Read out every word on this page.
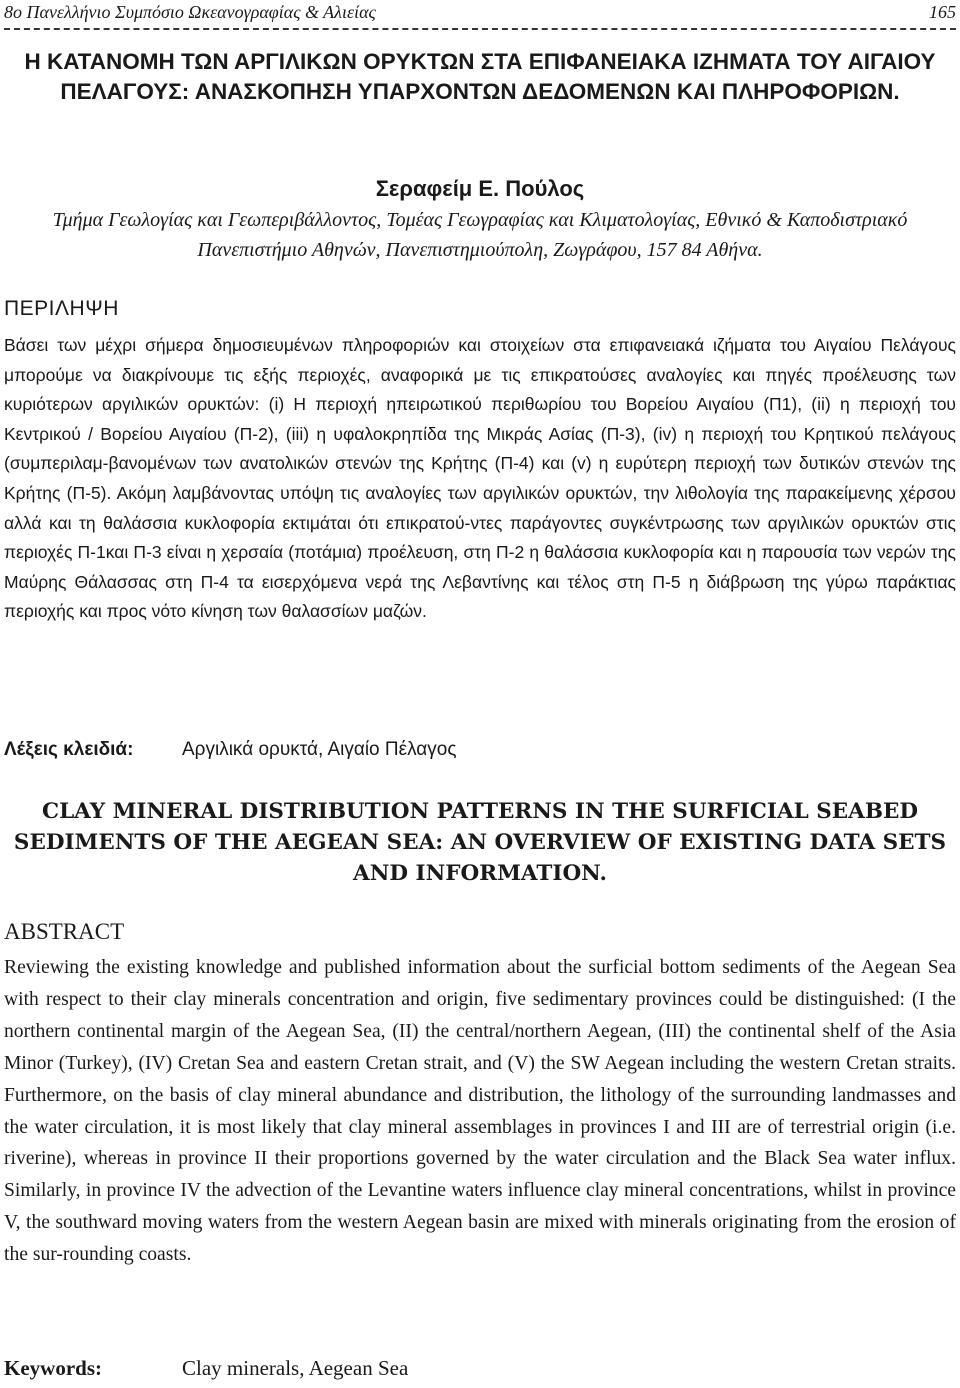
8ο Πανελλήνιο Συμπόσιο Ωκεανογραφίας & Αλιείας	165
Η ΚΑΤΑΝΟΜΗ ΤΩΝ ΑΡΓΙΛΙΚΩΝ ΟΡΥΚΤΩΝ ΣΤΑ ΕΠΙΦΑΝΕΙΑΚΑ ΙΖΗΜΑΤΑ ΤΟΥ ΑΙΓΑΙΟΥ ΠΕΛΑΓΟΥΣ: ΑΝΑΣΚΟΠΗΣΗ ΥΠΑΡΧΟΝΤΩΝ ΔΕΔΟΜΕΝΩΝ ΚΑΙ ΠΛΗΡΟΦΟΡΙΩΝ.
Σεραφείμ Ε. Πούλος
Τμήμα Γεωλογίας και Γεωπεριβάλλοντος, Τομέας Γεωγραφίας και Κλιματολογίας, Εθνικό & Καποδιστριακό Πανεπιστήμιο Αθηνών, Πανεπιστημιούπολη, Ζωγράφου, 157 84 Αθήνα.
ΠΕΡΙΛΗΨΗ

Βάσει των μέχρι σήμερα δημοσιευμένων πληροφοριών και στοιχείων στα επιφανειακά ιζήματα του Αιγαίου Πελάγους μπορούμε να διακρίνουμε τις εξής περιοχές, αναφορικά με τις επικρατούσες αναλογίες και πηγές προέλευσης των κυριότερων αργιλικών ορυκτών: (i) Η περιοχή ηπειρωτικού περιθωρίου του Βορείου Αιγαίου (Π1), (ii) η περιοχή του Κεντρικού / Βορείου Αιγαίου (Π-2), (iii) η υφαλοκρηπίδα της Μικράς Ασίας (Π-3), (iv) η περιοχή του Κρητικού πελάγους (συμπεριλαμ-βανομένων των ανατολικών στενών της Κρήτης (Π-4) και (v) η ευρύτερη περιοχή των δυτικών στενών της Κρήτης (Π-5). Ακόμη λαμβάνοντας υπόψη τις αναλογίες των αργιλικών ορυκτών, την λιθολογία της παρακείμενης χέρσου αλλά και τη θαλάσσια κυκλοφορία εκτιμάται ότι επικρατού-ντες παράγοντες συγκέντρωσης των αργιλικών ορυκτών στις περιοχές Π-1και Π-3 είναι η χερσαία (ποτάμια) προέλευση, στη Π-2 η θαλάσσια κυκλοφορία και η παρουσία των νερών της Μαύρης Θάλασσας στη Π-4 τα εισερχόμενα νερά της Λεβαντίνης και τέλος στη Π-5 η διάβρωση της γύρω παράκτιας περιοχής και προς νότο κίνηση των θαλασσίων μαζών.

Λέξεις κλειδιά:	Αργιλικά ορυκτά, Αιγαίο Πέλαγος
CLAY MINERAL DISTRIBUTION PATTERNS IN THE SURFICIAL SEABED SEDIMENTS OF THE AEGEAN SEA: AN OVERVIEW OF EXISTING DATA SETS AND INFORMATION.
ABSTRACT

Reviewing the existing knowledge and published information about the surficial bottom sediments of the Aegean Sea with respect to their clay minerals concentration and origin, five sedimentary provinces could be distinguished: (I the northern continental margin of the Aegean Sea, (II) the central/northern Aegean, (III) the continental shelf of the Asia Minor (Turkey), (IV) Cretan Sea and eastern Cretan strait, and (V) the SW Aegean including the western Cretan straits. Furthermore, on the basis of clay mineral abundance and distribution, the lithology of the surrounding landmasses and the water circulation, it is most likely that clay mineral assemblages in provinces I and III are of terrestrial origin (i.e. riverine), whereas in province II their proportions governed by the water circulation and the Black Sea water influx. Similarly, in province IV the advection of the Levantine waters influence clay mineral concentrations, whilst in province V, the southward moving waters from the western Aegean basin are mixed with minerals originating from the erosion of the sur-rounding coasts.

Keywords:	Clay minerals, Aegean Sea
